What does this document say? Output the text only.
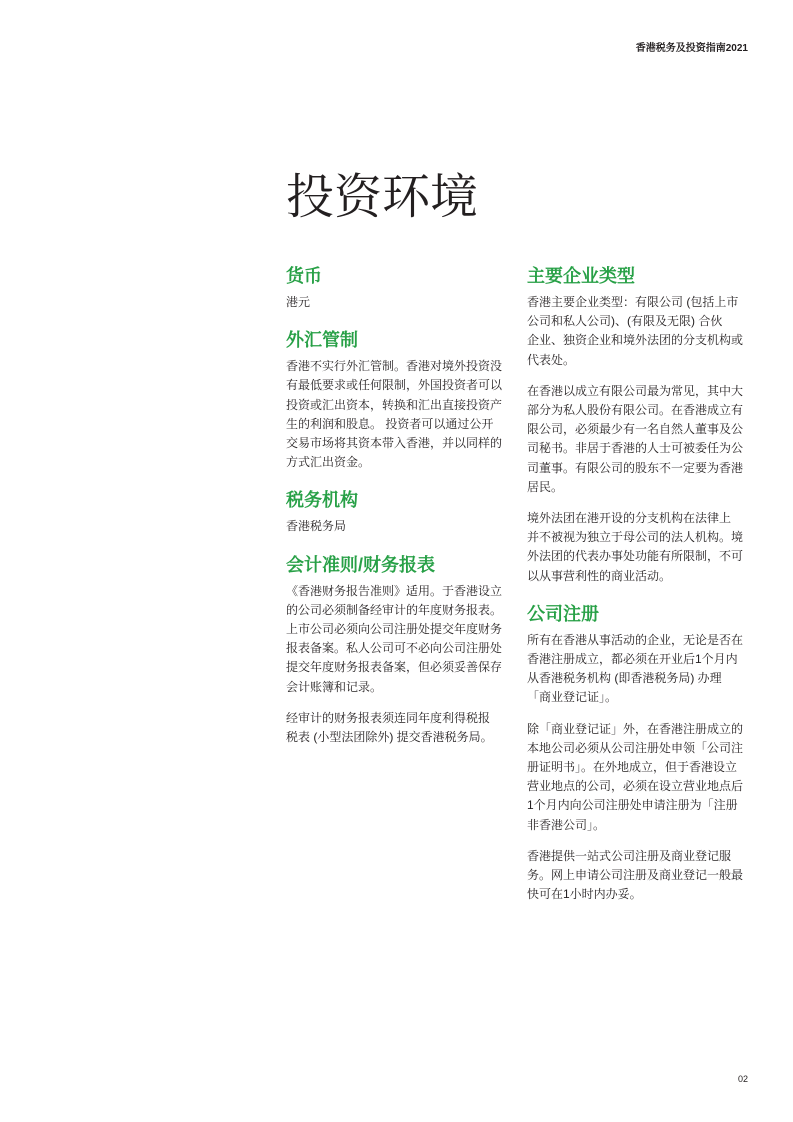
香港税务及投资指南2021
投资环境
货币
港元
外汇管制
香港不实行外汇管制。香港对境外投资没
有最低要求或任何限制，外国投资者可以
投资或汇出资本，转换和汇出直接投资产
生的利润和股息。 投资者可以通过公开
交易市场将其资本带入香港，并以同样的
方式汇出资金。
税务机构
香港税务局
会计准则/财务报表
《香港财务报告准则》适用。于香港设立
的公司必须制备经审计的年度财务报表。
上市公司必须向公司注册处提交年度财务
报表备案。私人公司可不必向公司注册处
提交年度财务报表备案，但必须妥善保存
会计账簿和记录。
经审计的财务报表须连同年度利得税报
税表 (小型法团除外) 提交香港税务局。
主要企业类型
香港主要企业类型：有限公司 (包括上市
公司和私人公司)、(有限及无限) 合伙
企业、独资企业和境外法团的分支机构或
代表处。
在香港以成立有限公司最为常见，其中大
部分为私人股份有限公司。在香港成立有
限公司，必须最少有一名自然人董事及公
司秘书。非居于香港的人士可被委任为公
司董事。有限公司的股东不一定要为香港
居民。
境外法团在港开设的分支机构在法律上
并不被视为独立于母公司的法人机构。境
外法团的代表办事处功能有所限制，不可
以从事营利性的商业活动。
公司注册
所有在香港从事活动的企业，无论是否在
香港注册成立，都必须在开业后1个月内
从香港税务机构 (即香港税务局) 办理
「商业登记证」。
除「商业登记证」外，在香港注册成立的
本地公司必须从公司注册处申领「公司注
册证明书」。在外地成立，但于香港设立
营业地点的公司，必须在设立营业地点后
1个月内向公司注册处申请注册为「注册
非香港公司」。
香港提供一站式公司注册及商业登记服
务。网上申请公司注册及商业登记一般最
快可在1小时内办妥。
02
